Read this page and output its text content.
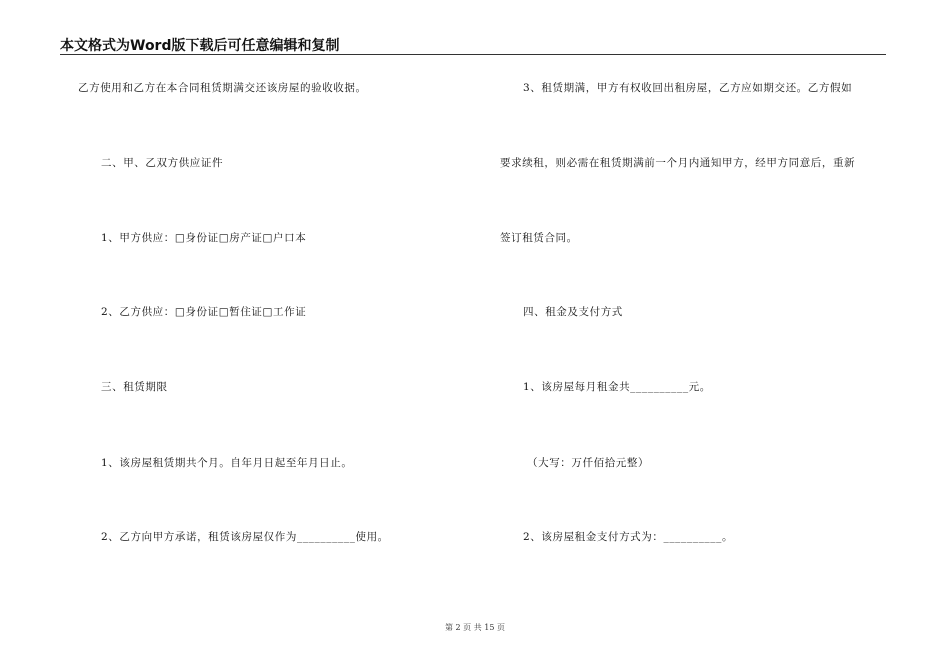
本文格式为Word版下载后可任意编辑和复制
乙方使用和乙方在本合同租赁期满交还该房屋的验收收据。
二、甲、乙双方供应证件
1、甲方供应：□身份证□房产证□户口本
2、乙方供应：□身份证□暂住证□工作证
三、租赁期限
1、该房屋租赁期共个月。自年月日起至年月日止。
2、乙方向甲方承诺，租赁该房屋仅作为__________使用。
3、租赁期满，甲方有权收回出租房屋，乙方应如期交还。乙方假如
要求续租，则必需在租赁期满前一个月内通知甲方，经甲方同意后，重新
签订租赁合同。
四、租金及支付方式
1、该房屋每月租金共__________元。
（大写：万仟佰拾元整）
2、该房屋租金支付方式为：__________。
第 2 页 共 15 页
